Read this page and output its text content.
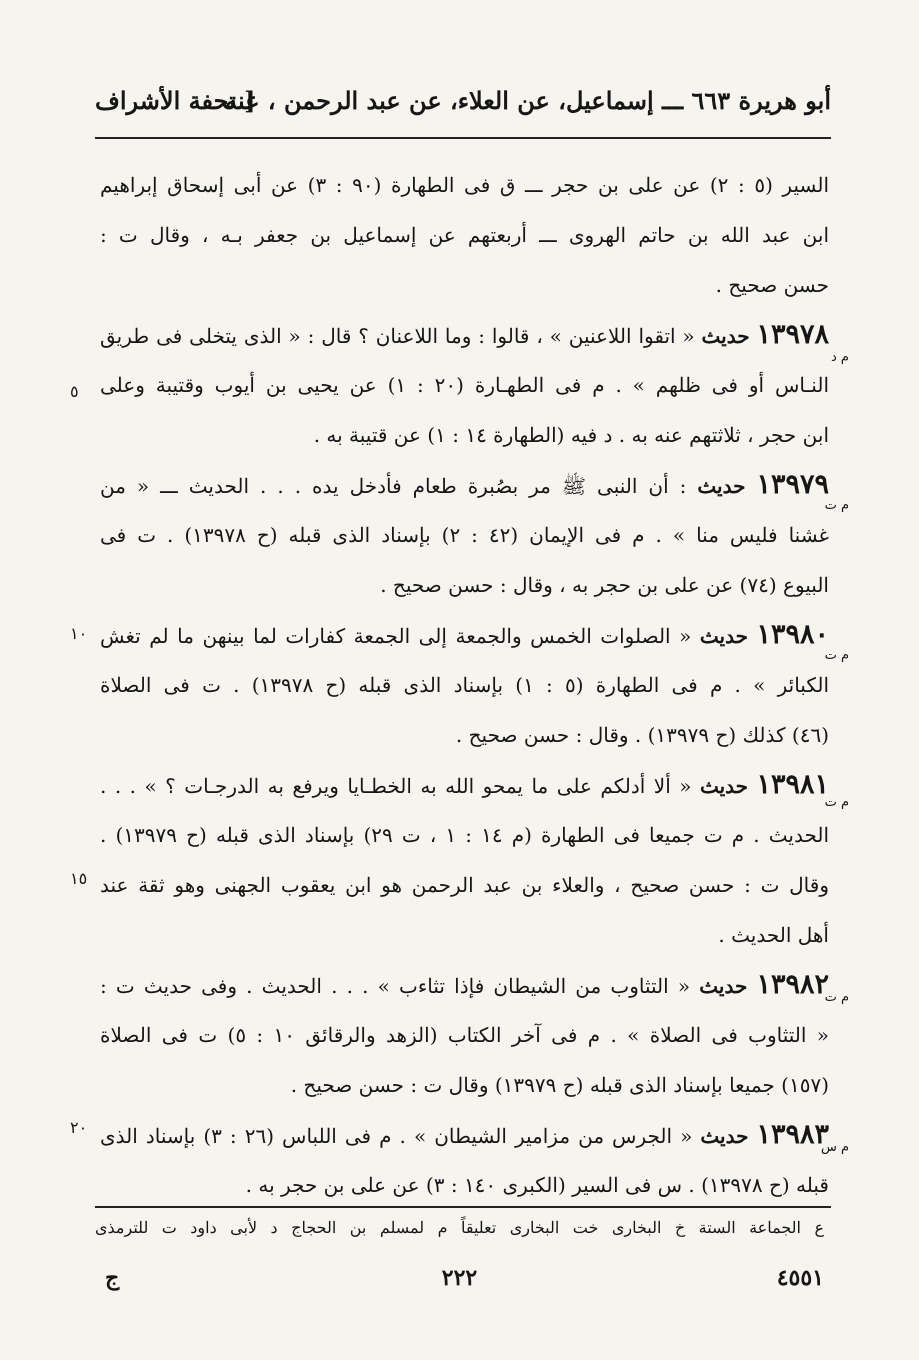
أبو هريرة ٦٦٣ ـــ إسماعيل، عن العلاء، عن عبد الرحمن ، عنه
[ تحفة الأشراف
السير (٥ : ٢) عن على بن حجر ـــ ق فى الطهارة (٩٠ : ٣) عن أبى إسحاق إبراهيم
ابن عبد الله بن حاتم الهروى ـــ أربعتهم عن إسماعيل بن جعفر بـه ، وقال ت :
حسن صحيح .
١٣٩٧٨ حديث « اتقوا اللاعنين » ، قالوا : وما اللاعنان ؟ قال : « الذى يتخلى فى طريق
النـاس أو فى ظلهم » . م فى الطهـارة (٢٠ : ١) عن يحيى بن أيوب وقتيبة وعلى
ابن حجر ، ثلاثتهم عنه به . د فيه (الطهارة ١٤ : ١) عن قتيبة به .
١٣٩٧٩ حديث : أن النبى ﷺ مر بصُبرة طعام فأدخل يده . . . الحديث ـــ « من
غشنا فليس منا » . م فى الإيمان (٤٢ : ٢) بإسناد الذى قبله (ح ١٣٩٧٨) . ت فى
البيوع (٧٤) عن على بن حجر به ، وقال : حسن صحيح .
١٣٩٨٠ حديث « الصلوات الخمس والجمعة إلى الجمعة كفارات لما بينهن ما لم تغش
الكبائر » . م فى الطهارة (٥ : ١) بإسناد الذى قبله (ح ١٣٩٧٨) . ت فى الصلاة
(٤٦) كذلك (ح ١٣٩٧٩) . وقال : حسن صحيح .
١٣٩٨١ حديث « ألا أدلكم على ما يمحو الله به الخطـايا ويرفع به الدرجـات ؟ » . . .
الحديث . م ت جميعا فى الطهارة (م ١٤ : ١ ، ت ٢٩) بإسناد الذى قبله (ح ١٣٩٧٩) .
وقال ت : حسن صحيح ، والعلاء بن عبد الرحمن هو ابن يعقوب الجهنى وهو ثقة عند
أهل الحديث .
١٣٩٨٢ حديث « التثاوب من الشيطان فإذا تثاءب » . . . الحديث . وفى حديث ت :
« التثاوب فى الصلاة » . م فى آخر الكتاب (الزهد والرقائق ١٠ : ٥) ت فى الصلاة
(١٥٧) جميعا بإسناد الذى قبله (ح ١٣٩٧٩) وقال ت : حسن صحيح .
١٣٩٨٣ حديث « الجرس من مزامير الشيطان » . م فى اللباس (٢٦ : ٣) بإسناد الذى
قبله (ح ١٣٩٧٨) . س فى السير (الكبرى ١٤٠ : ٣) عن على بن حجر به .
٥
١٠
١٥
٢٠
م د
م ت
م ت
م ت
م ت
م س
ع الجماعة الستة خ البخارى خت البخارى تعليقاً م لمسلم بن الحجاج د لأبى داود ت للترمذى
٤٥٥١
٢٢٢
ج
